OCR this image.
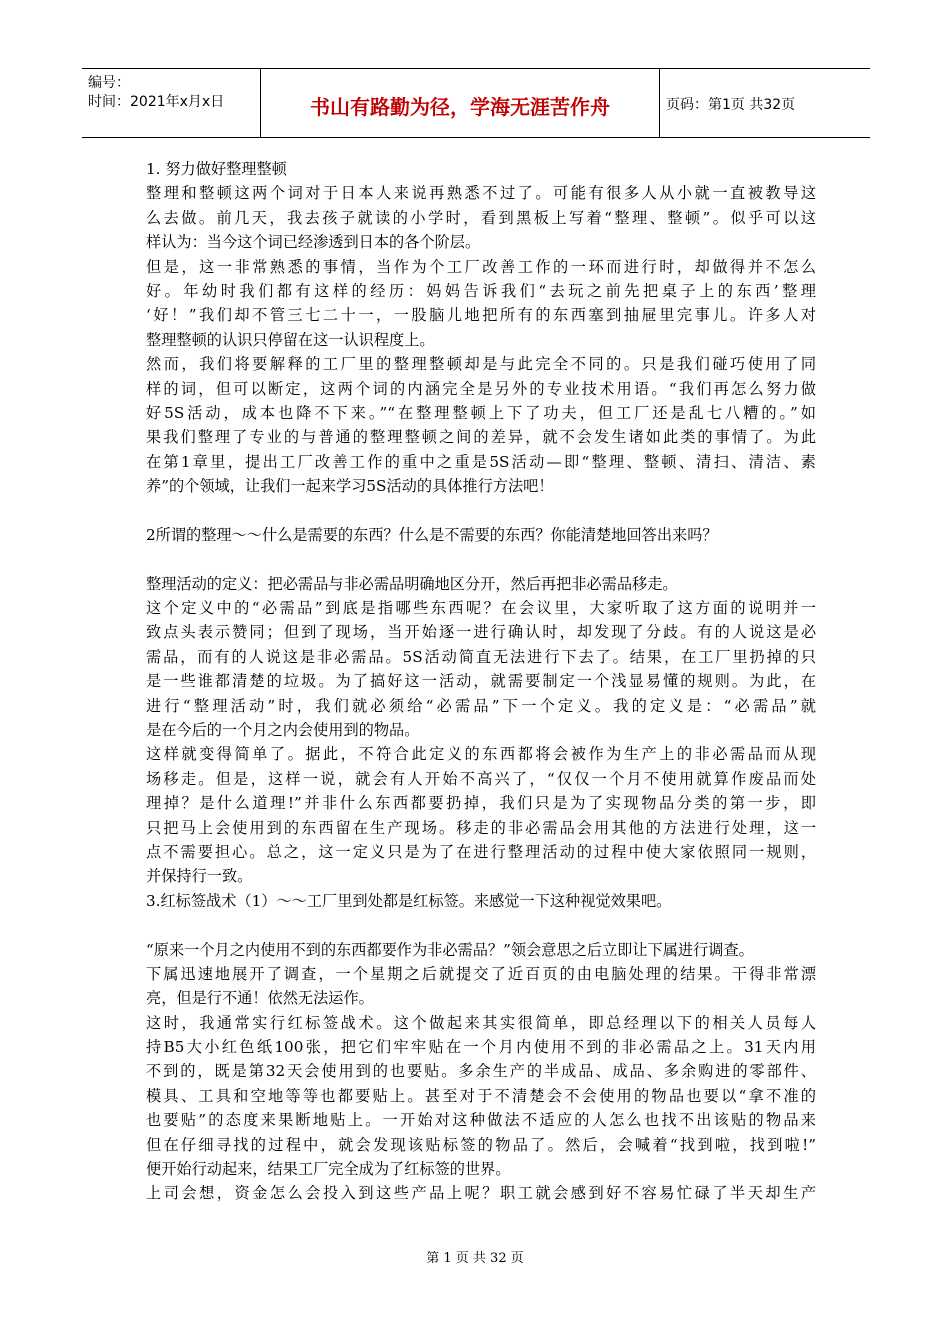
编号：
时间：2021年x月x日	书山有路勤为径，学海无涯苦作舟	页码：第1页 共32页
1. 努力做好整理整顿
整理和整顿这两个词对于日本人来说再熟悉不过了。可能有很多人从小就一直被教导这
么去做。前几天，我去孩子就读的小学时，看到黑板上写着“整理、整顿”。似乎可以这
样认为：当今这个词已经渗透到日本的各个阶层。
但是，这一非常熟悉的事情，当作为个工厂改善工作的一环而进行时，却做得并不怎么
好。年幼时我们都有这样的经历：妈妈告诉我们“去玩之前先把桌子上的东西’整理
‘好！”我们却不管三七二十一，一股脑儿地把所有的东西塞到抽屉里完事儿。许多人对
整理整顿的认识只停留在这一认识程度上。
然而，我们将要解释的工厂里的整理整顿却是与此完全不同的。只是我们碰巧使用了同
样的词，但可以断定，这两个词的内涵完全是另外的专业技术用语。“我们再怎么努力做
好5S活动，成本也降不下来。”“在整理整顿上下了功夫，但工厂还是乱七八糟的。”如
果我们整理了专业的与普通的整理整顿之间的差异，就不会发生诸如此类的事情了。为此
在第1章里，提出工厂改善工作的重中之重是5S活动—即“整理、整顿、清扫、清洁、素
养”的个领域，让我们一起来学习5S活动的具体推行方法吧！
2所谓的整理～～什么是需要的东西？什么是不需要的东西？你能清楚地回答出来吗？
整理活动的定义：把必需品与非必需品明确地区分开，然后再把非必需品移走。
这个定义中的“必需品”到底是指哪些东西呢？在会议里，大家听取了这方面的说明并一
致点头表示赞同；但到了现场，当开始逐一进行确认时，却发现了分歧。有的人说这是必
需品，而有的人说这是非必需品。5S活动简直无法进行下去了。结果，在工厂里扔掉的只
是一些谁都清楚的垃圾。为了搞好这一活动，就需要制定一个浅显易懂的规则。为此，在
进行“整理活动”时，我们就必须给“必需品”下一个定义。我的定义是：“必需品”就
是在今后的一个月之内会使用到的物品。
这样就变得简单了。据此，不符合此定义的东西都将会被作为生产上的非必需品而从现
场移走。但是，这样一说，就会有人开始不高兴了，“仅仅一个月不使用就算作废品而处
理掉？是什么道理!”并非什么东西都要扔掉，我们只是为了实现物品分类的第一步，即
只把马上会使用到的东西留在生产现场。移走的非必需品会用其他的方法进行处理，这一
点不需要担心。总之，这一定义只是为了在进行整理活动的过程中使大家依照同一规则，
并保持行一致。
3.红标签战术（1）～～工厂里到处都是红标签。来感觉一下这种视觉效果吧。
“原来一个月之内使用不到的东西都要作为非必需品？”领会意思之后立即让下属进行调查。
下属迅速地展开了调查，一个星期之后就提交了近百页的由电脑处理的结果。干得非常漂
亮，但是行不通！依然无法运作。
这时，我通常实行红标签战术。这个做起来其实很简单，即总经理以下的相关人员每人
持B5大小红色纸100张，把它们牢牢贴在一个月内使用不到的非必需品之上。31天内用
不到的，既是第32天会使用到的也要贴。多余生产的半成品、成品、多余购进的零部件、
模具、工具和空地等等也都要贴上。甚至对于不清楚会不会使用的物品也要以“拿不准的
也要贴”的态度来果断地贴上。一开始对这种做法不适应的人怎么也找不出该贴的物品来
但在仔细寻找的过程中，就会发现该贴标签的物品了。然后，会喊着“找到啦，找到啦!”
便开始行动起来，结果工厂完全成为了红标签的世界。
上司会想，资金怎么会投入到这些产品上呢？职工就会感到好不容易忙碌了半天却生产
第 1 页 共 32 页
